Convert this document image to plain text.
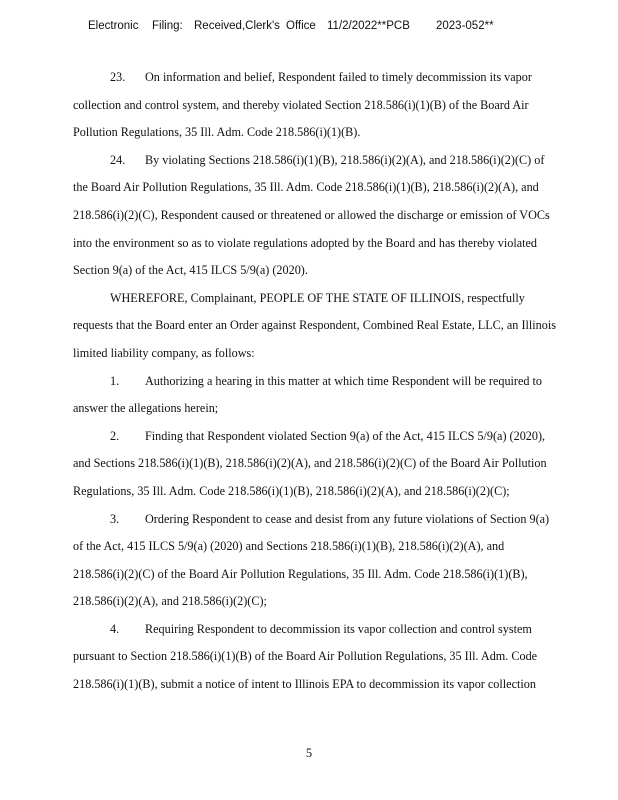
Electronic Filing: Received,Clerk's Office 11/2/2022**PCB 2023-052**
23. On information and belief, Respondent failed to timely decommission its vapor
collection and control system, and thereby violated Section 218.586(i)(1)(B) of the Board Air
Pollution Regulations, 35 Ill. Adm. Code 218.586(i)(1)(B).
24. By violating Sections 218.586(i)(1)(B), 218.586(i)(2)(A), and 218.586(i)(2)(C) of
the Board Air Pollution Regulations, 35 Ill. Adm. Code 218.586(i)(1)(B), 218.586(i)(2)(A), and
218.586(i)(2)(C), Respondent caused or threatened or allowed the discharge or emission of VOCs
into the environment so as to violate regulations adopted by the Board and has thereby violated
Section 9(a) of the Act, 415 ILCS 5/9(a) (2020).
WHEREFORE, Complainant, PEOPLE OF THE STATE OF ILLINOIS, respectfully
requests that the Board enter an Order against Respondent, Combined Real Estate, LLC, an Illinois
limited liability company, as follows:
1. Authorizing a hearing in this matter at which time Respondent will be required to
answer the allegations herein;
2. Finding that Respondent violated Section 9(a) of the Act, 415 ILCS 5/9(a) (2020),
and Sections 218.586(i)(1)(B), 218.586(i)(2)(A), and 218.586(i)(2)(C) of the Board Air Pollution
Regulations, 35 Ill. Adm. Code 218.586(i)(1)(B), 218.586(i)(2)(A), and 218.586(i)(2)(C);
3. Ordering Respondent to cease and desist from any future violations of Section 9(a)
of the Act, 415 ILCS 5/9(a) (2020) and Sections 218.586(i)(1)(B), 218.586(i)(2)(A), and
218.586(i)(2)(C) of the Board Air Pollution Regulations, 35 Ill. Adm. Code 218.586(i)(1)(B),
218.586(i)(2)(A), and 218.586(i)(2)(C);
4. Requiring Respondent to decommission its vapor collection and control system
pursuant to Section 218.586(i)(1)(B) of the Board Air Pollution Regulations, 35 Ill. Adm. Code
218.586(i)(1)(B), submit a notice of intent to Illinois EPA to decommission its vapor collection
5
